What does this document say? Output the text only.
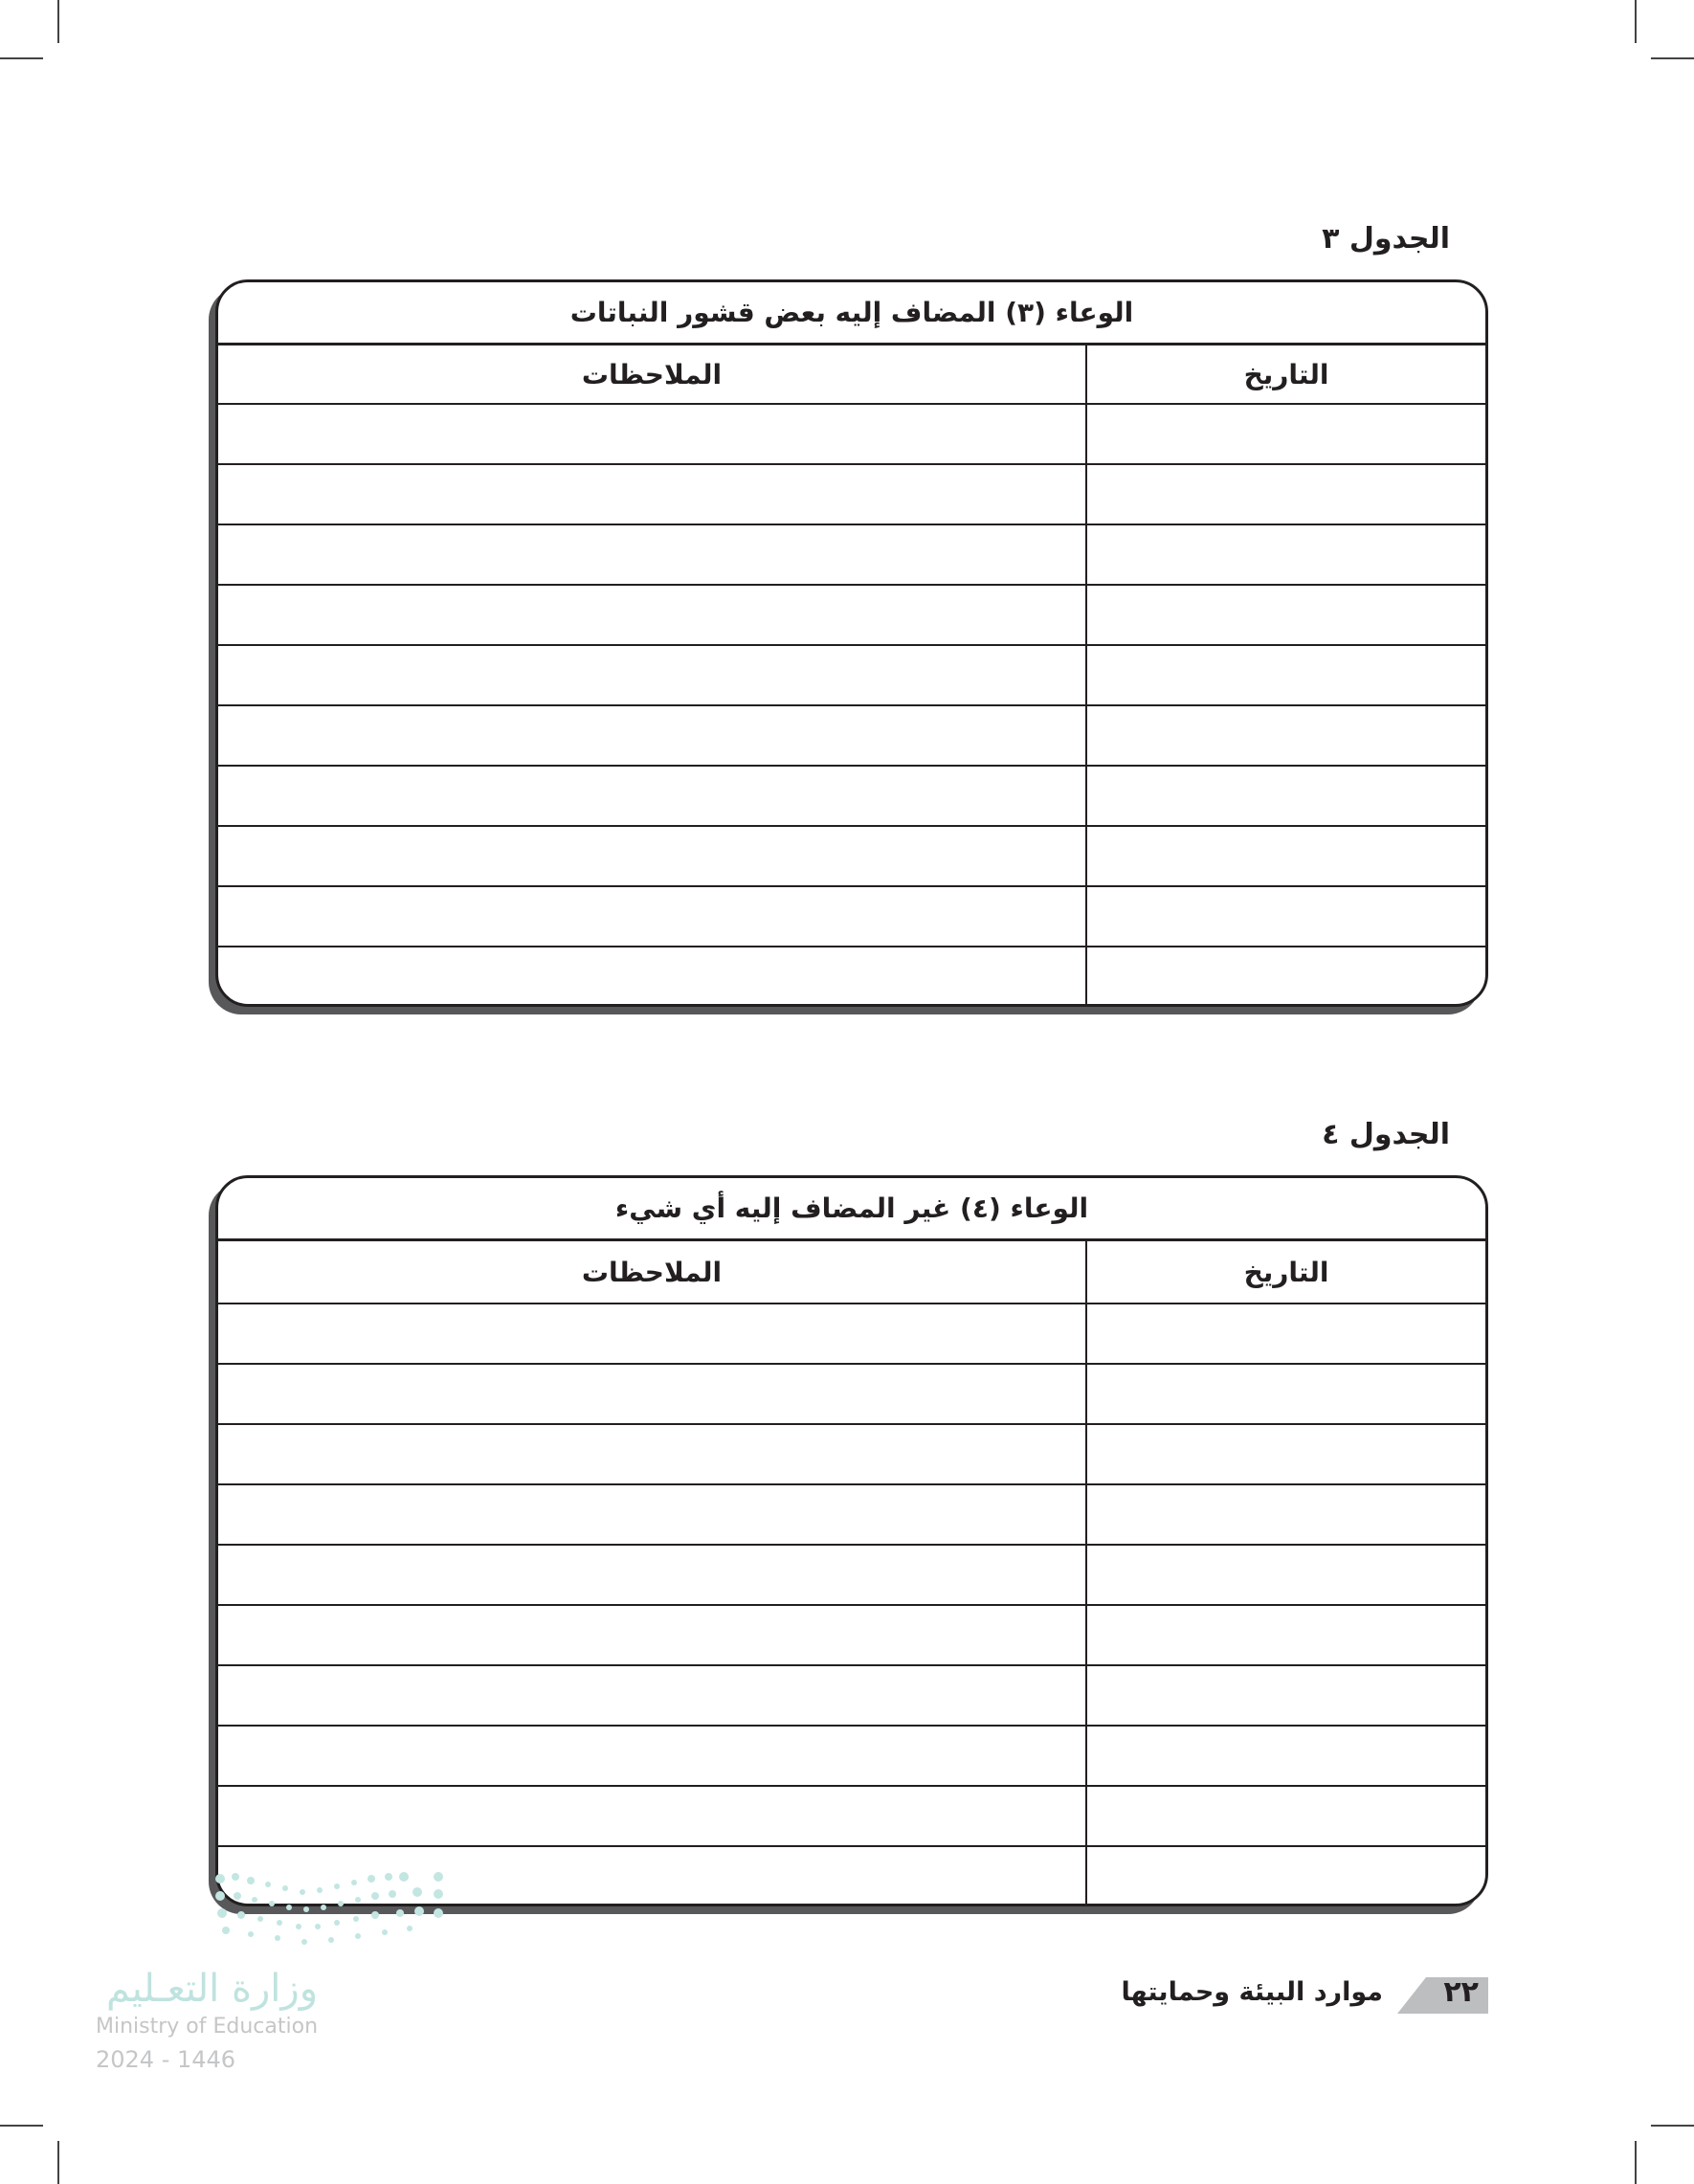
الجدول ٣
الوعاء (٣) المضاف إليه بعض قشور النباتات
التاريخ
الملاحظات
الجدول ٤
الوعاء (٤) غير المضاف إليه أي شيء
التاريخ
الملاحظات
وزارة التعـليم
Ministry of Education
2024 - 1446
موارد البيئة وحمايتها ٢٢
